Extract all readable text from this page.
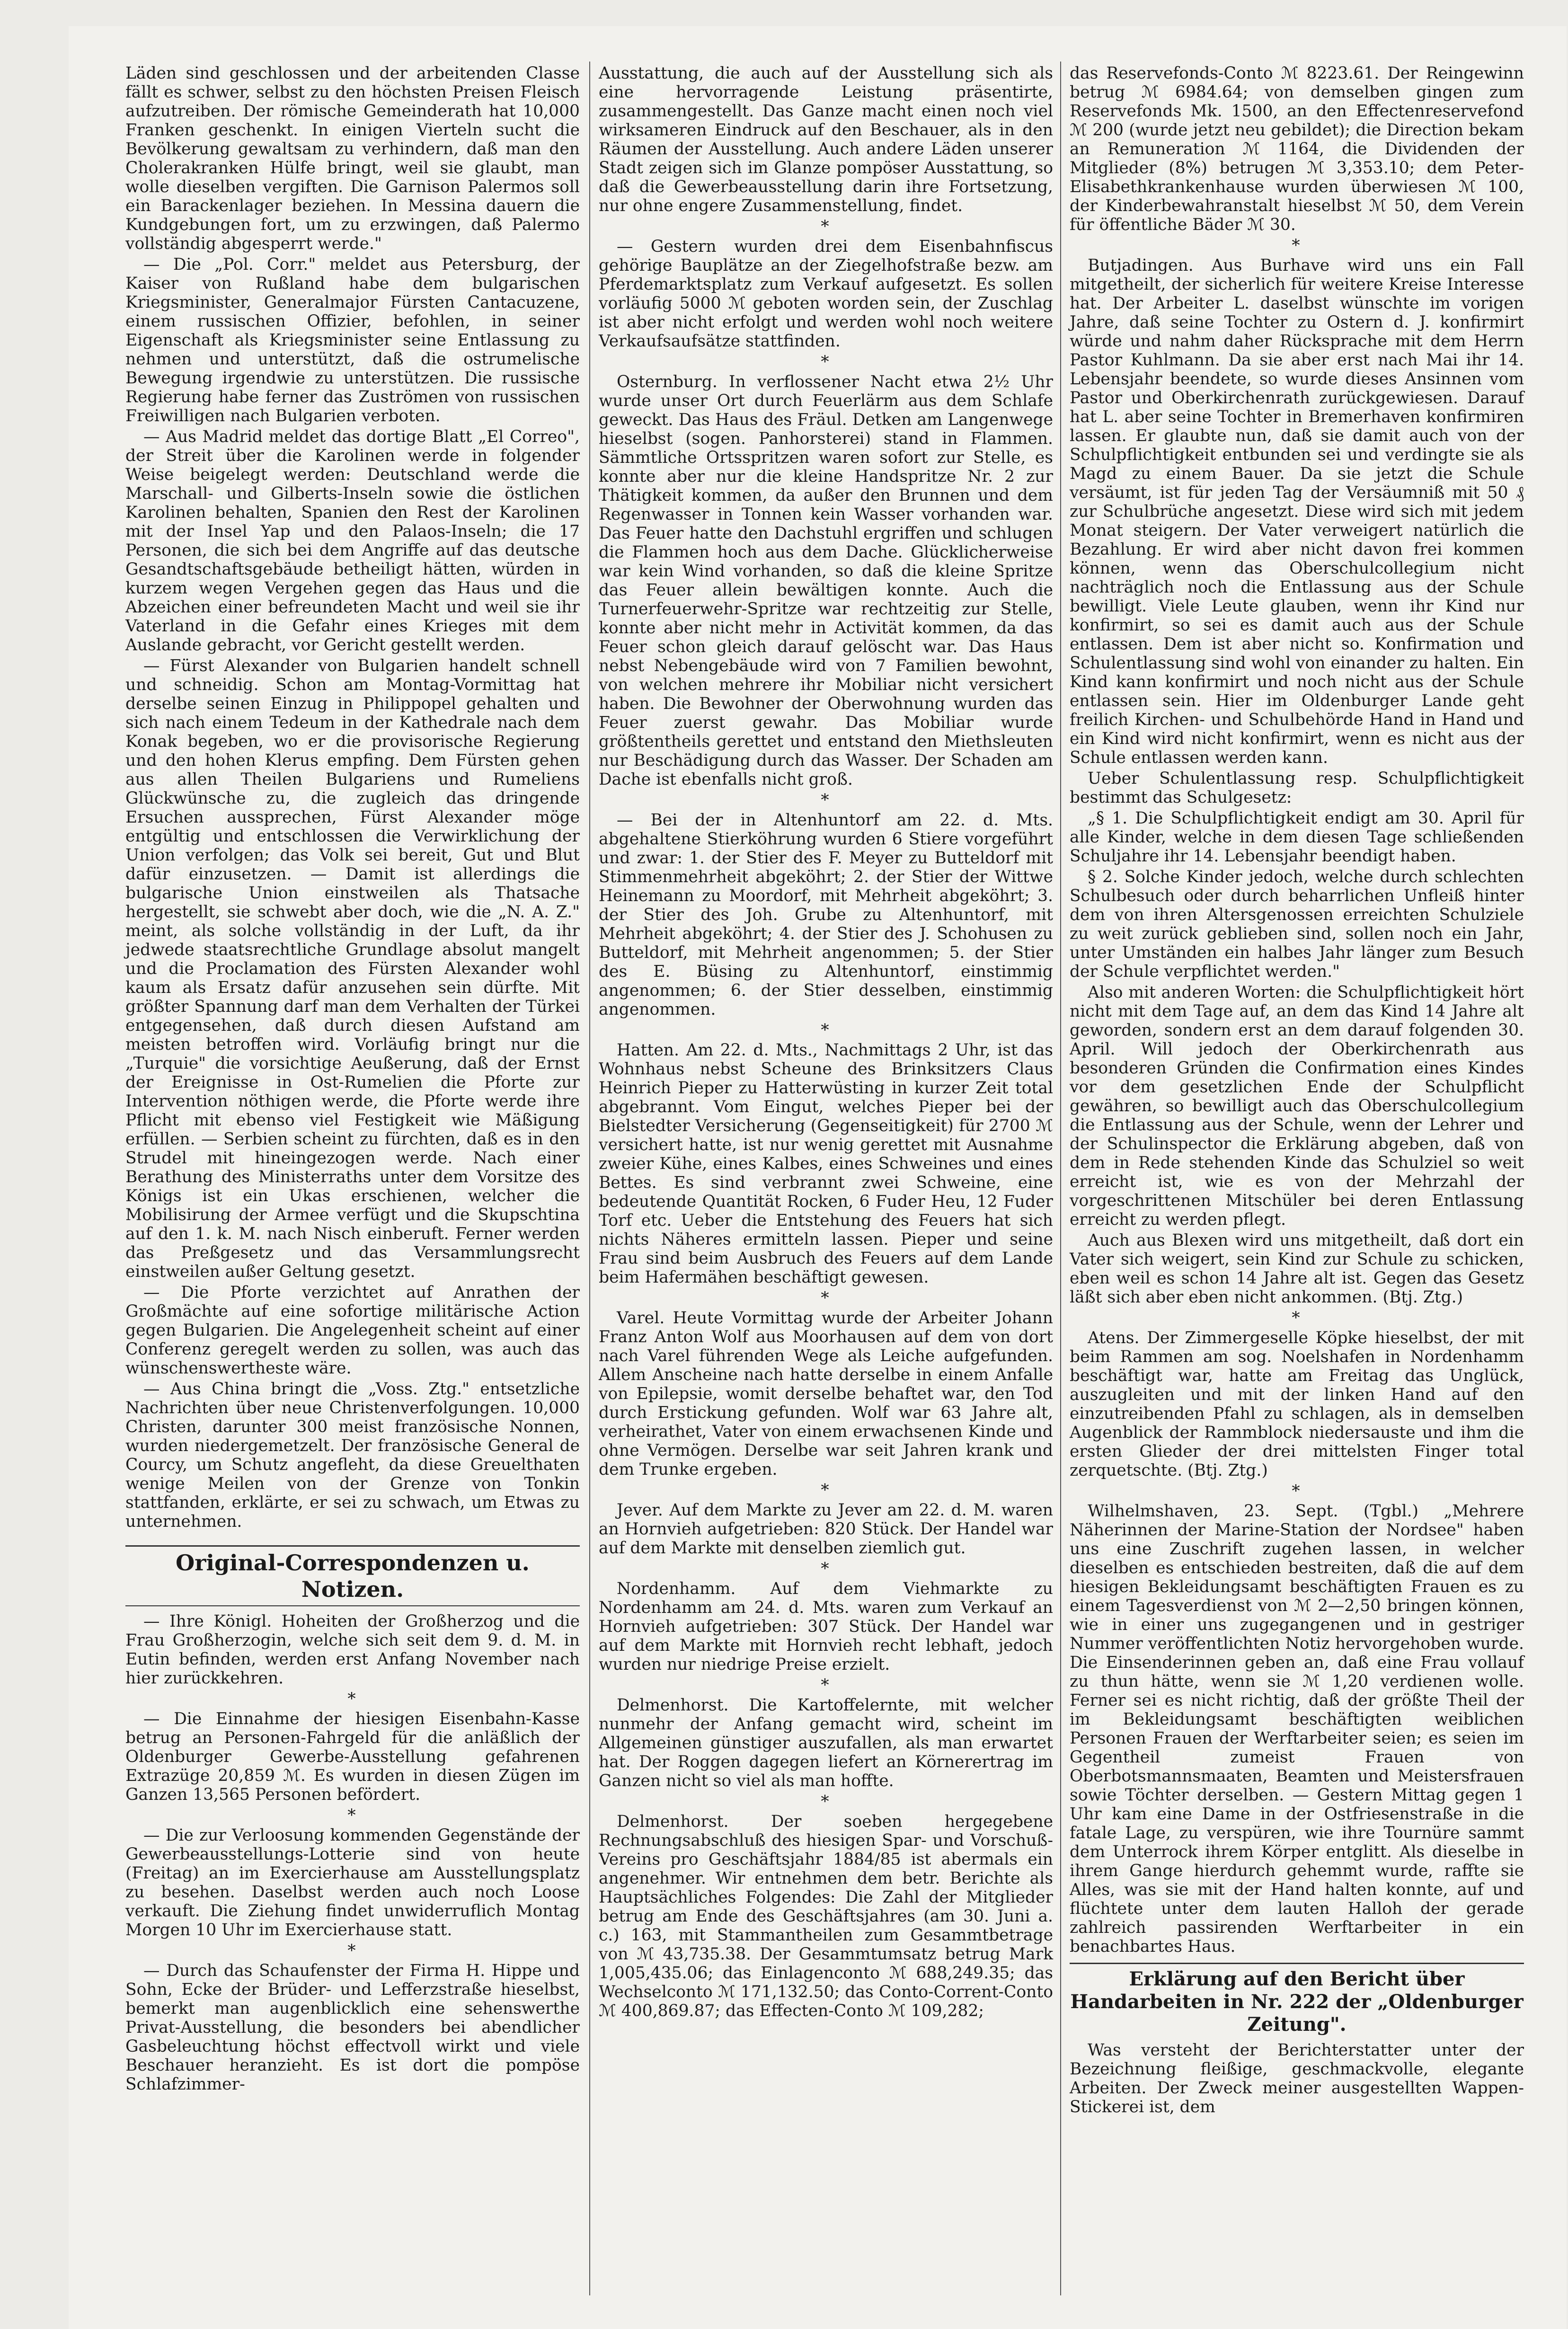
Läden sind geschlossen und der arbeitenden Classe fällt es schwer, selbst zu den höchsten Preisen Fleisch aufzutreiben. Der römische Gemeinderath hat 10,000 Franken geschenkt. In einigen Vierteln sucht die Bevölkerung gewaltsam zu verhindern, daß man den Cholerakranken Hülfe bringt, weil sie glaubt, man wolle dieselben vergiften. Die Garnison Palermos soll ein Barackenlager beziehen. In Messina dauern die Kundgebungen fort, um zu erzwingen, daß Palermo vollständig abgesperrt werde."

— Die „Pol. Corr." meldet aus Petersburg, der Kaiser von Rußland habe dem bulgarischen Kriegsminister, Generalmajor Fürsten Cantacuzene, einem russischen Offizier, befohlen, in seiner Eigenschaft als Kriegsminister seine Entlassung zu nehmen und unterstützt, daß die ostrumelische Bewegung irgendwie zu unterstützen. Die russische Regierung habe ferner das Zuströmen von russischen Freiwilligen nach Bulgarien verboten.

— Aus Madrid meldet das dortige Blatt „El Correo", der Streit über die Karolinen werde in folgender Weise beigelegt werden: Deutschland werde die Marschall- und Gilberts-Inseln sowie die östlichen Karolinen behalten, Spanien den Rest der Karolinen mit der Insel Yap und den Palaos-Inseln; die 17 Personen, die sich bei dem Angriffe auf das deutsche Gesandtschaftsgebäude betheiligt hätten, würden in kurzem wegen Vergehen gegen das Haus und die Abzeichen einer befreundeten Macht und weil sie ihr Vaterland in die Gefahr eines Krieges mit dem Auslande gebracht, vor Gericht gestellt werden.

— Fürst Alexander von Bulgarien handelt schnell und schneidig. Schon am Montag-Vormittag hat derselbe seinen Einzug in Philippopel gehalten und sich nach einem Tedeum in der Kathedrale nach dem Konak begeben, wo er die provisorische Regierung und den hohen Klerus empfing. Dem Fürsten gehen aus allen Theilen Bulgariens und Rumeliens Glückwünsche zu, die zugleich das dringende Ersuchen aussprechen, Fürst Alexander möge entgültig und entschlossen die Verwirklichung der Union verfolgen; das Volk sei bereit, Gut und Blut dafür einzusetzen. — Damit ist allerdings die bulgarische Union einstweilen als Thatsache hergestellt, sie schwebt aber doch, wie die „N. A. Z." meint, als solche vollständig in der Luft, da ihr jedwede staatsrechtliche Grundlage absolut mangelt und die Proclamation des Fürsten Alexander wohl kaum als Ersatz dafür anzusehen sein dürfte. Mit größter Spannung darf man dem Verhalten der Türkei entgegensehen, daß durch diesen Aufstand am meisten betroffen wird. Vorläufig bringt nur die „Turquie" die vorsichtige Aeußerung, daß der Ernst der Ereignisse in Ost-Rumelien die Pforte zur Intervention nöthigen werde, die Pforte werde ihre Pflicht mit ebenso viel Festigkeit wie Mäßigung erfüllen. — Serbien scheint zu fürchten, daß es in den Strudel mit hineingezogen werde. Nach einer Berathung des Ministerraths unter dem Vorsitze des Königs ist ein Ukas erschienen, welcher die Mobilisirung der Armee verfügt und die Skupschtina auf den 1. k. M. nach Nisch einberuft. Ferner werden das Preßgesetz und das Versammlungsrecht einstweilen außer Geltung gesetzt.

— Die Pforte verzichtet auf Anrathen der Großmächte auf eine sofortige militärische Action gegen Bulgarien. Die Angelegenheit scheint auf einer Conferenz geregelt werden zu sollen, was auch das wünschenswertheste wäre.

— Aus China bringt die „Voss. Ztg." entsetzliche Nachrichten über neue Christenverfolgungen. 10,000 Christen, darunter 300 meist französische Nonnen, wurden niedergemetzelt. Der französische General de Courcy, um Schutz angefleht, da diese Greuelthaten wenige Meilen von der Grenze von Tonkin stattfanden, erklärte, er sei zu schwach, um Etwas zu unternehmen.

Original-Correspondenzen u. Notizen.

— Ihre Königl. Hoheiten der Großherzog und die Frau Großherzogin, welche sich seit dem 9. d. M. in Eutin befinden, werden erst Anfang November nach hier zurückkehren.

*

— Die Einnahme der hiesigen Eisenbahn-Kasse betrug an Personen-Fahrgeld für die anläßlich der Oldenburger Gewerbe-Ausstellung gefahrenen Extrazüge 20,859 ℳ. Es wurden in diesen Zügen im Ganzen 13,565 Personen befördert.

*

— Die zur Verloosung kommenden Gegenstände der Gewerbeausstellungs-Lotterie sind von heute (Freitag) an im Exercierhause am Ausstellungsplatz zu besehen. Daselbst werden auch noch Loose verkauft. Die Ziehung findet unwiderruflich Montag Morgen 10 Uhr im Exercierhause statt.

*

— Durch das Schaufenster der Firma H. Hippe und Sohn, Ecke der Brüder- und Lefferzstraße hieselbst, bemerkt man augenblicklich eine sehenswerthe Privat-Ausstellung, die besonders bei abendlicher Gasbeleuchtung höchst effectvoll wirkt und viele Beschauer heranzieht. Es ist dort die pompöse Schlafzimmer-

Ausstattung, die auch auf der Ausstellung sich als eine hervorragende Leistung präsentirte, zusammengestellt. Das Ganze macht einen noch viel wirksameren Eindruck auf den Beschauer, als in den Räumen der Ausstellung. Auch andere Läden unserer Stadt zeigen sich im Glanze pompöser Ausstattung, so daß die Gewerbeausstellung darin ihre Fortsetzung, nur ohne engere Zusammenstellung, findet.

*

— Gestern wurden drei dem Eisenbahnfiscus gehörige Bauplätze an der Ziegelhofstraße bezw. am Pferdemarktsplatz zum Verkauf aufgesetzt. Es sollen vorläufig 5000 ℳ geboten worden sein, der Zuschlag ist aber nicht erfolgt und werden wohl noch weitere Verkaufsaufsätze stattfinden.

*

Osternburg. In verflossener Nacht etwa 2½ Uhr wurde unser Ort durch Feuerlärm aus dem Schlafe geweckt. Das Haus des Fräul. Detken am Langenwege hieselbst (sogen. Panhorsterei) stand in Flammen. Sämmtliche Ortsspritzen waren sofort zur Stelle, es konnte aber nur die kleine Handspritze Nr. 2 zur Thätigkeit kommen, da außer den Brunnen und dem Regenwasser in Tonnen kein Wasser vorhanden war. Das Feuer hatte den Dachstuhl ergriffen und schlugen die Flammen hoch aus dem Dache. Glücklicherweise war kein Wind vorhanden, so daß die kleine Spritze das Feuer allein bewältigen konnte. Auch die Turnerfeuerwehr-Spritze war rechtzeitig zur Stelle, konnte aber nicht mehr in Activität kommen, da das Feuer schon gleich darauf gelöscht war. Das Haus nebst Nebengebäude wird von 7 Familien bewohnt, von welchen mehrere ihr Mobiliar nicht versichert haben. Die Bewohner der Oberwohnung wurden das Feuer zuerst gewahr. Das Mobiliar wurde größtentheils gerettet und entstand den Miethsleuten nur Beschädigung durch das Wasser. Der Schaden am Dache ist ebenfalls nicht groß.

*

— Bei der in Altenhuntorf am 22. d. Mts. abgehaltene Stierköhrung wurden 6 Stiere vorgeführt und zwar: 1. der Stier des F. Meyer zu Butteldorf mit Stimmenmehrheit abgeköhrt; 2. der Stier der Wittwe Heinemann zu Moordorf, mit Mehrheit abgeköhrt; 3. der Stier des Joh. Grube zu Altenhuntorf, mit Mehrheit abgeköhrt; 4. der Stier des J. Schohusen zu Butteldorf, mit Mehrheit angenommen; 5. der Stier des E. Büsing zu Altenhuntorf, einstimmig angenommen; 6. der Stier desselben, einstimmig angenommen.

*

Hatten. Am 22. d. Mts., Nachmittags 2 Uhr, ist das Wohnhaus nebst Scheune des Brinksitzers Claus Heinrich Pieper zu Hatterwüsting in kurzer Zeit total abgebrannt. Vom Eingut, welches Pieper bei der Bielstedter Versicherung (Gegenseitigkeit) für 2700 ℳ versichert hatte, ist nur wenig gerettet mit Ausnahme zweier Kühe, eines Kalbes, eines Schweines und eines Bettes. Es sind verbrannt zwei Schweine, eine bedeutende Quantität Rocken, 6 Fuder Heu, 12 Fuder Torf etc. Ueber die Entstehung des Feuers hat sich nichts Näheres ermitteln lassen. Pieper und seine Frau sind beim Ausbruch des Feuers auf dem Lande beim Hafermähen beschäftigt gewesen.

*

Varel. Heute Vormittag wurde der Arbeiter Johann Franz Anton Wolf aus Moorhausen auf dem von dort nach Varel führenden Wege als Leiche aufgefunden. Allem Anscheine nach hatte derselbe in einem Anfalle von Epilepsie, womit derselbe behaftet war, den Tod durch Erstickung gefunden. Wolf war 63 Jahre alt, verheirathet, Vater von einem erwachsenen Kinde und ohne Vermögen. Derselbe war seit Jahren krank und dem Trunke ergeben.

*

Jever. Auf dem Markte zu Jever am 22. d. M. waren an Hornvieh aufgetrieben: 820 Stück. Der Handel war auf dem Markte mit denselben ziemlich gut.

*

Nordenhamm. Auf dem Viehmarkte zu Nordenhamm am 24. d. Mts. waren zum Verkauf an Hornvieh aufgetrieben: 307 Stück. Der Handel war auf dem Markte mit Hornvieh recht lebhaft, jedoch wurden nur niedrige Preise erzielt.

*

Delmenhorst. Die Kartoffelernte, mit welcher nunmehr der Anfang gemacht wird, scheint im Allgemeinen günstiger auszufallen, als man erwartet hat. Der Roggen dagegen liefert an Körnerertrag im Ganzen nicht so viel als man hoffte.

*

Delmenhorst. Der soeben hergegebene Rechnungsabschluß des hiesigen Spar- und Vorschuß-Vereins pro Geschäftsjahr 1884/85 ist abermals ein angenehmer. Wir entnehmen dem betr. Berichte als Hauptsächliches Folgendes: Die Zahl der Mitglieder betrug am Ende des Geschäftsjahres (am 30. Juni a. c.) 163, mit Stammantheilen zum Gesammtbetrage von ℳ 43,735.38. Der Gesammtumsatz betrug Mark 1,005,435.06; das Einlagenconto ℳ 688,249.35; das Wechselconto ℳ 171,132.50; das Conto-Corrent-Conto ℳ 400,869.87; das Effecten-Conto ℳ 109,282;

das Reservefonds-Conto ℳ 8223.61. Der Reingewinn betrug ℳ 6984.64; von demselben gingen zum Reservefonds Mk. 1500, an den Effectenreservefond ℳ 200 (wurde jetzt neu gebildet); die Direction bekam an Remuneration ℳ 1164, die Dividenden der Mitglieder (8%) betrugen ℳ 3,353.10; dem Peter-Elisabethkrankenhause wurden überwiesen ℳ 100, der Kinderbewahranstalt hieselbst ℳ 50, dem Verein für öffentliche Bäder ℳ 30.

*

Butjadingen. Aus Burhave wird uns ein Fall mitgetheilt, der sicherlich für weitere Kreise Interesse hat. Der Arbeiter L. daselbst wünschte im vorigen Jahre, daß seine Tochter zu Ostern d. J. konfirmirt würde und nahm daher Rücksprache mit dem Herrn Pastor Kuhlmann. Da sie aber erst nach Mai ihr 14. Lebensjahr beendete, so wurde dieses Ansinnen vom Pastor und Oberkirchenrath zurückgewiesen. Darauf hat L. aber seine Tochter in Bremerhaven konfirmiren lassen. Er glaubte nun, daß sie damit auch von der Schulpflichtigkeit entbunden sei und verdingte sie als Magd zu einem Bauer. Da sie jetzt die Schule versäumt, ist für jeden Tag der Versäumniß mit 50 ₰ zur Schulbrüche angesetzt. Diese wird sich mit jedem Monat steigern. Der Vater verweigert natürlich die Bezahlung. Er wird aber nicht davon frei kommen können, wenn das Oberschulcollegium nicht nachträglich noch die Entlassung aus der Schule bewilligt. Viele Leute glauben, wenn ihr Kind nur konfirmirt, so sei es damit auch aus der Schule entlassen. Dem ist aber nicht so. Konfirmation und Schulentlassung sind wohl von einander zu halten. Ein Kind kann konfirmirt und noch nicht aus der Schule entlassen sein. Hier im Oldenburger Lande geht freilich Kirchen- und Schulbehörde Hand in Hand und ein Kind wird nicht konfirmirt, wenn es nicht aus der Schule entlassen werden kann.

Ueber Schulentlassung resp. Schulpflichtigkeit bestimmt das Schulgesetz:

„§ 1. Die Schulpflichtigkeit endigt am 30. April für alle Kinder, welche in dem diesen Tage schließenden Schuljahre ihr 14. Lebensjahr beendigt haben.

§ 2. Solche Kinder jedoch, welche durch schlechten Schulbesuch oder durch beharrlichen Unfleiß hinter dem von ihren Altersgenossen erreichten Schulziele zu weit zurück geblieben sind, sollen noch ein Jahr, unter Umständen ein halbes Jahr länger zum Besuch der Schule verpflichtet werden."

Also mit anderen Worten: die Schulpflichtigkeit hört nicht mit dem Tage auf, an dem das Kind 14 Jahre alt geworden, sondern erst an dem darauf folgenden 30. April. Will jedoch der Oberkirchenrath aus besonderen Gründen die Confirmation eines Kindes vor dem gesetzlichen Ende der Schulpflicht gewähren, so bewilligt auch das Oberschulcollegium die Entlassung aus der Schule, wenn der Lehrer und der Schulinspector die Erklärung abgeben, daß von dem in Rede stehenden Kinde das Schulziel so weit erreicht ist, wie es von der Mehrzahl der vorgeschrittenen Mitschüler bei deren Entlassung erreicht zu werden pflegt.

Auch aus Blexen wird uns mitgetheilt, daß dort ein Vater sich weigert, sein Kind zur Schule zu schicken, eben weil es schon 14 Jahre alt ist. Gegen das Gesetz läßt sich aber eben nicht ankommen. (Btj. Ztg.)

*

Atens. Der Zimmergeselle Köpke hieselbst, der mit beim Rammen am sog. Noelshafen in Nordenhamm beschäftigt war, hatte am Freitag das Unglück, auszugleiten und mit der linken Hand auf den einzutreibenden Pfahl zu schlagen, als in demselben Augenblick der Rammblock niedersauste und ihm die ersten Glieder der drei mittelsten Finger total zerquetschte. (Btj. Ztg.)

*

Wilhelmshaven, 23. Sept. (Tgbl.) „Mehrere Näherinnen der Marine-Station der Nordsee" haben uns eine Zuschrift zugehen lassen, in welcher dieselben es entschieden bestreiten, daß die auf dem hiesigen Bekleidungsamt beschäftigten Frauen es zu einem Tagesverdienst von ℳ 2—2,50 bringen können, wie in einer uns zugegangenen und in gestriger Nummer veröffentlichten Notiz hervorgehoben wurde. Die Einsenderinnen geben an, daß eine Frau vollauf zu thun hätte, wenn sie ℳ 1,20 verdienen wolle. Ferner sei es nicht richtig, daß der größte Theil der im Bekleidungsamt beschäftigten weiblichen Personen Frauen der Werftarbeiter seien; es seien im Gegentheil zumeist Frauen von Oberbotsmannsmaaten, Beamten und Meistersfrauen sowie Töchter derselben. — Gestern Mittag gegen 1 Uhr kam eine Dame in der Ostfriesenstraße in die fatale Lage, zu verspüren, wie ihre Tournüre sammt dem Unterrock ihrem Körper entglitt. Als dieselbe in ihrem Gange hierdurch gehemmt wurde, raffte sie Alles, was sie mit der Hand halten konnte, auf und flüchtete unter dem lauten Halloh der gerade zahlreich passirenden Werftarbeiter in ein benachbartes Haus.

Erklärung auf den Bericht über Handarbeiten in Nr. 222 der „Oldenburger Zeitung".

Was versteht der Berichterstatter unter der Bezeichnung fleißige, geschmackvolle, elegante Arbeiten. Der Zweck meiner ausgestellten Wappen-Stickerei ist, dem
